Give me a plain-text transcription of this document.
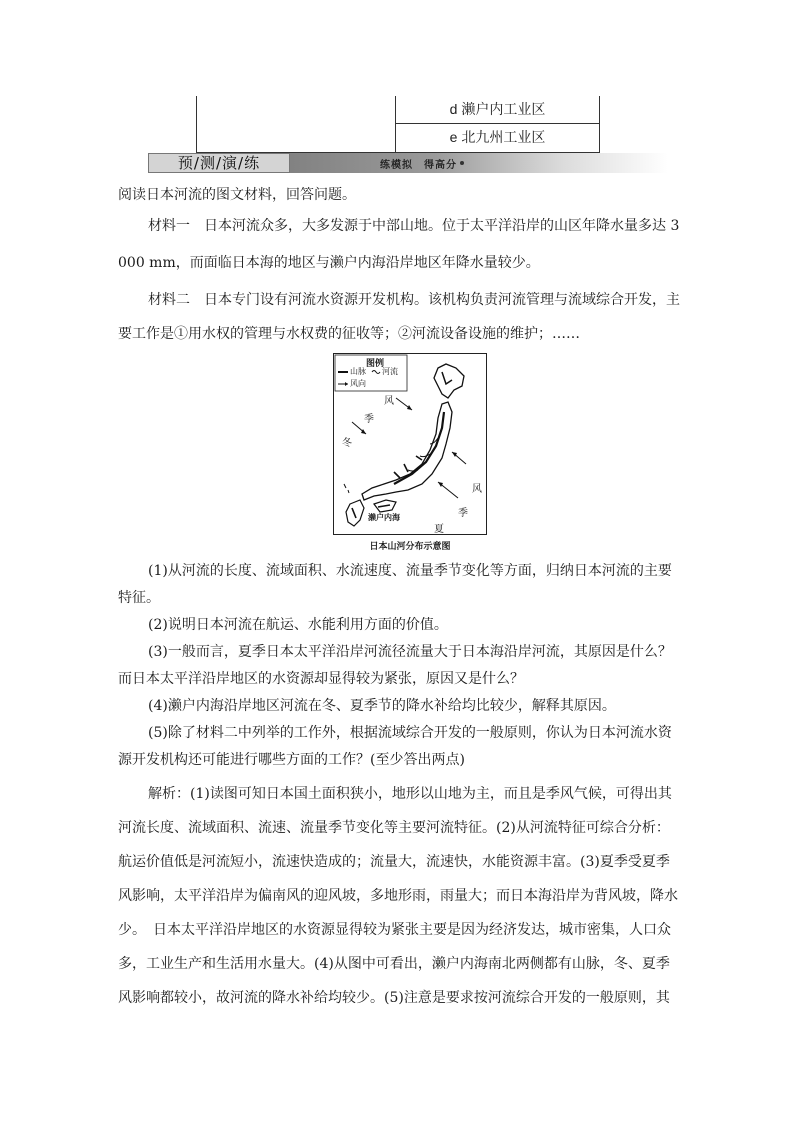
d 濑户内工业区
e 北九州工业区
预/测/演/练	练模拟　得高分
阅读日本河流的图文材料，回答问题。
材料一　日本河流众多，大多发源于中部山地。位于太平洋沿岸的山区年降水量多达 3
000 mm，而面临日本海的地区与濑户内海沿岸地区年降水量较少。
材料二　日本专门设有河流水资源开发机构。该机构负责河流管理与流域综合开发，主
要工作是①用水权的管理与水权费的征收等；②河流设备设施的维护；……
图例
山脉 河流
风向
冬
季
风
风
季
夏
濑户内海
日本山河分布示意图
(1)从河流的长度、流域面积、水流速度、流量季节变化等方面，归纳日本河流的主要
特征。
(2)说明日本河流在航运、水能利用方面的价值。
(3)一般而言，夏季日本太平洋沿岸河流径流量大于日本海沿岸河流，其原因是什么？
而日本太平洋沿岸地区的水资源却显得较为紧张，原因又是什么？
(4)濑户内海沿岸地区河流在冬、夏季节的降水补给均比较少，解释其原因。
(5)除了材料二中列举的工作外，根据流域综合开发的一般原则，你认为日本河流水资
源开发机构还可能进行哪些方面的工作？(至少答出两点)
解析：(1)读图可知日本国土面积狭小，地形以山地为主，而且是季风气候，可得出其
河流长度、流域面积、流速、流量季节变化等主要河流特征。(2)从河流特征可综合分析：
航运价值低是河流短小，流速快造成的；流量大，流速快，水能资源丰富。(3)夏季受夏季
风影响，太平洋沿岸为偏南风的迎风坡，多地形雨，雨量大；而日本海沿岸为背风坡，降水
少。　日本太平洋沿岸地区的水资源显得较为紧张主要是因为经济发达，城市密集，人口众
多，工业生产和生活用水量大。(4)从图中可看出，濑户内海南北两侧都有山脉，冬、夏季
风影响都较小，故河流的降水补给均较少。(5)注意是要求按河流综合开发的一般原则，其
